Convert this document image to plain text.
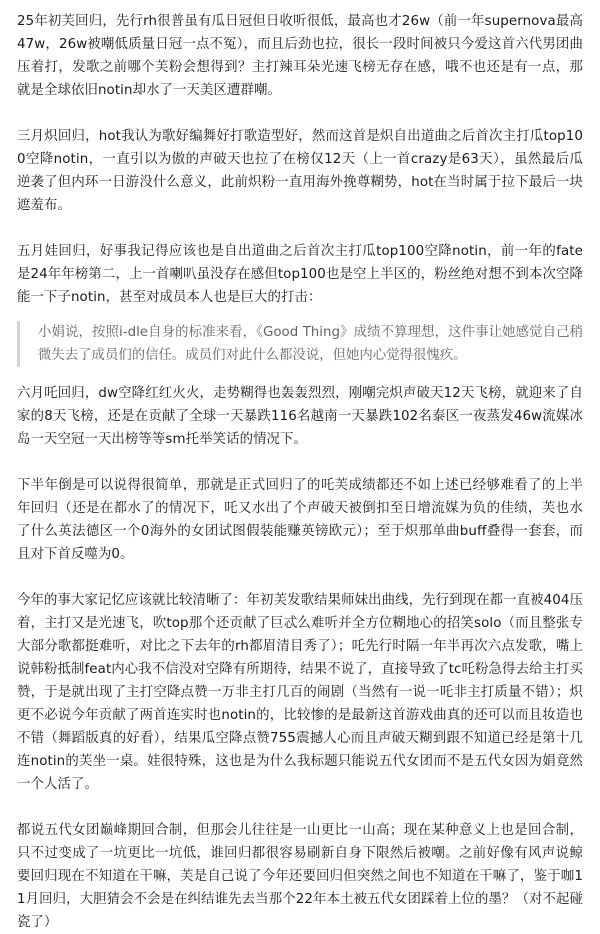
25年初芙回归，先行rh很普虽有瓜日冠但日收听很低，最高也才26w（前一年supernova最高47w，26w被嘲低质量日冠一点不冤），而且后劲也拉，很长一段时间被只今爱这首六代男团曲压着打，发歌之前哪个芙粉会想得到？主打辣耳朵光速飞榜无存在感，哦不也还是有一点，那就是全球依旧notin却水了一天美区遭群嘲。

三月炽回归，hot我认为歌好编舞好打歌造型好，然而这首是炽自出道曲之后首次主打瓜top100空降notin，一直引以为傲的声破天也拉了在榜仅12天（上一首crazy是63天），虽然最后瓜逆袭了但内环一日游没什么意义，此前炽粉一直用海外挽尊糊势，hot在当时属于拉下最后一块遮羞布。

五月娃回归，好事我记得应该也是自出道曲之后首次主打瓜top100空降notin，前一年的fate是24年年榜第二，上一首喇叭虽没存在感但top100也是空上半区的，粉丝绝对想不到本次空降能一下子notin，甚至对成员本人也是巨大的打击：

小娟说，按照i-dle自身的标准来看，《Good Thing》成绩不算理想，这件事让她感觉自己稍微失去了成员们的信任。成员们对此什么都没说，但她内心觉得很愧疚。

六月吒回归，dw空降红红火火，走势糊得也轰轰烈烈，刚嘲完炽声破天12天飞榜，就迎来了自家的8天飞榜，还是在贡献了全球一天暴跌116名越南一天暴跌102名泰区一夜蒸发46w流媒冰岛一天空冠一天出榜等等sm托举笑话的情况下。

下半年倒是可以说得很简单，那就是正式回归了的吒芙成绩都还不如上述已经够难看了的上半年回归（还是在都水了的情况下，吒又水出了个声破天被倒扣至日增流媒为负的佳绩，芙也水了什么英法德区一个0海外的女团试图假装能赚英镑欧元）；至于炽那单曲buff叠得一套套，而且对下首反噬为0。

今年的事大家记忆应该就比较清晰了：年初芙发歌结果师妹出曲线，先行到现在都一直被404压着，主打又是光速飞，吹top那个还贡献了巨忒么难听并全方位糊地心的招笑solo（而且整张专大部分歌都挺难听，对比之下去年的rh都眉清目秀了）；吒先行时隔一年半再次六点发歌，嘴上说韩粉抵制feat内心我不信没对空降有所期待，结果不说了，直接导致了tc吒粉急得去给主打买赞，于是就出现了主打空降点赞一万非主打几百的闹剧（当然有一说一吒非主打质量不错）；炽更不必说今年贡献了两首连实时也notin的，比较惨的是最新这首游戏曲真的还可以而且妆造也不错（舞蹈版真的好看），结果瓜空降点赞755震撼人心而且声破天糊到跟不知道已经是第十几连notin的芙坐一桌。娃很特殊，这也是为什么我标题只能说五代女团而不是五代女因为娟竟然一个人活了。

都说五代女团巅峰期回合制，但那会儿往往是一山更比一山高；现在某种意义上也是回合制，只不过变成了一坑更比一坑低，谁回归都很容易刷新自身下限然后被嘲。之前好像有风声说鲸要回归现在不知道在干嘛，芙是自己说了今年还要回归但突然之间也不知道在干嘛了，鉴于咖11月回归，大胆猜会不会是在纠结谁先去当那个22年本土被五代女团踩着上位的墨？（对不起碰瓷了）
